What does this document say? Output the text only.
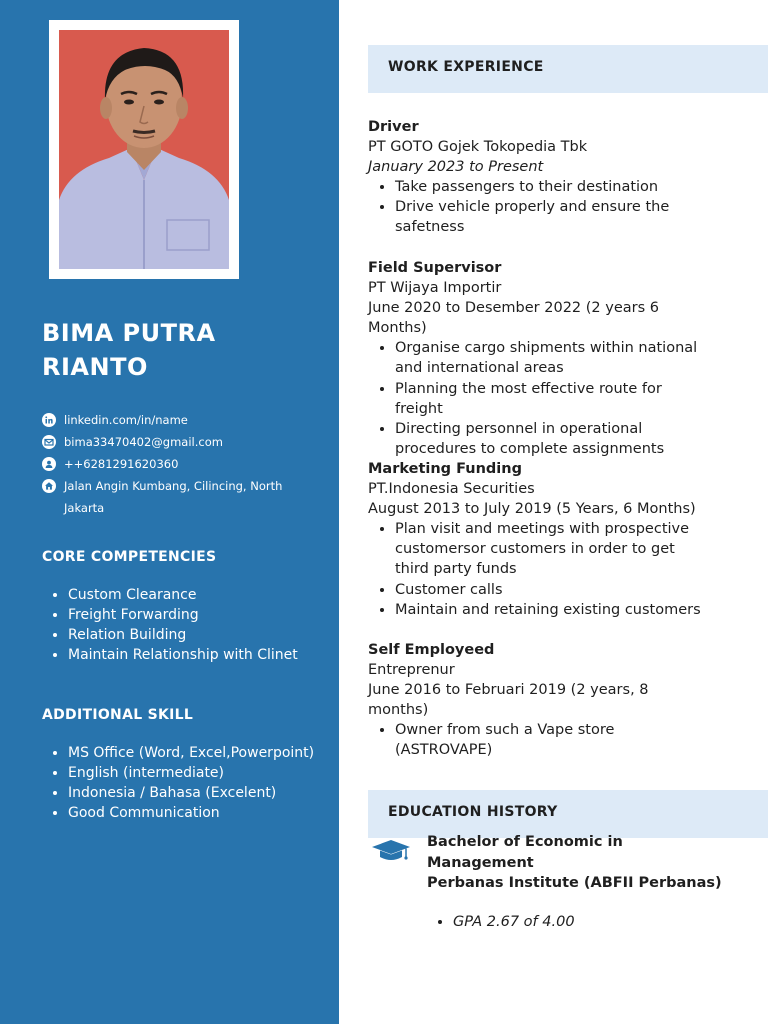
BIMA PUTRA RIANTO
linkedin.com/in/name
bima33470402@gmail.com
++6281291620360
Jalan Angin Kumbang, Cilincing, North Jakarta
CORE COMPETENCIES
• Custom Clearance
• Freight Forwarding
• Relation Building
• Maintain Relationship with Clinet
ADDITIONAL SKILL
• MS Office (Word, Excel,Powerpoint)
• English (intermediate)
• Indonesia / Bahasa (Excelent)
• Good Communication
WORK EXPERIENCE
Driver
PT GOTO Gojek Tokopedia Tbk
January 2023 to Present
• Take passengers to their destination
• Drive vehicle properly and ensure the safetness
Field Supervisor
PT Wijaya Importir
June 2020 to Desember 2022 (2 years 6 Months)
• Organise cargo shipments within national and international areas
• Planning the most effective route for freight
• Directing personnel in operational procedures to complete assignments
Marketing Funding
PT.Indonesia Securities
August 2013 to July 2019 (5 Years, 6 Months)
• Plan visit and meetings with prospective customersor customers in order to get third party funds
• Customer calls
• Maintain and retaining existing customers
Self Employeed
Entreprenur
June 2016 to Februari 2019 (2 years, 8 months)
• Owner from such a Vape store (ASTROVAPE)
EDUCATION HISTORY
Bachelor of Economic in Management
Perbanas Institute (ABFII Perbanas)
• GPA 2.67 of 4.00
